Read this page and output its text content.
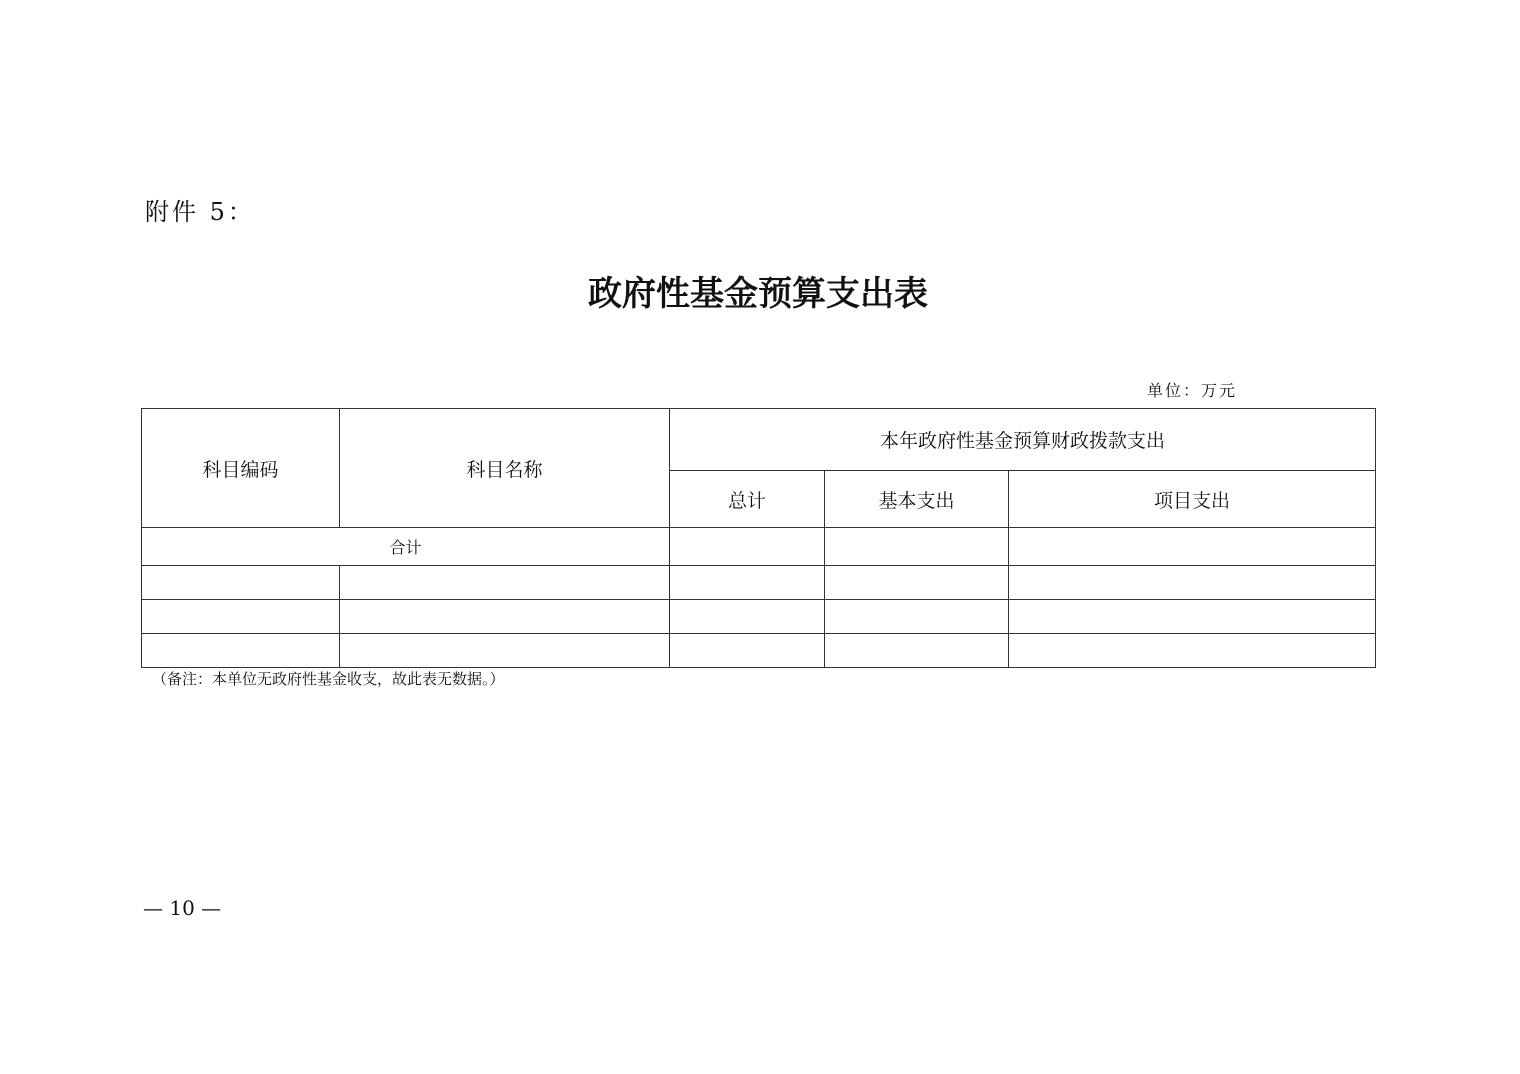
附件 5：
政府性基金预算支出表
单位：万元
科目编码	科目名称	本年政府性基金预算财政拨款支出		
		总计	基本支出	项目支出
合计				

（备注：本单位无政府性基金收支，故此表无数据。）
— 10 —
